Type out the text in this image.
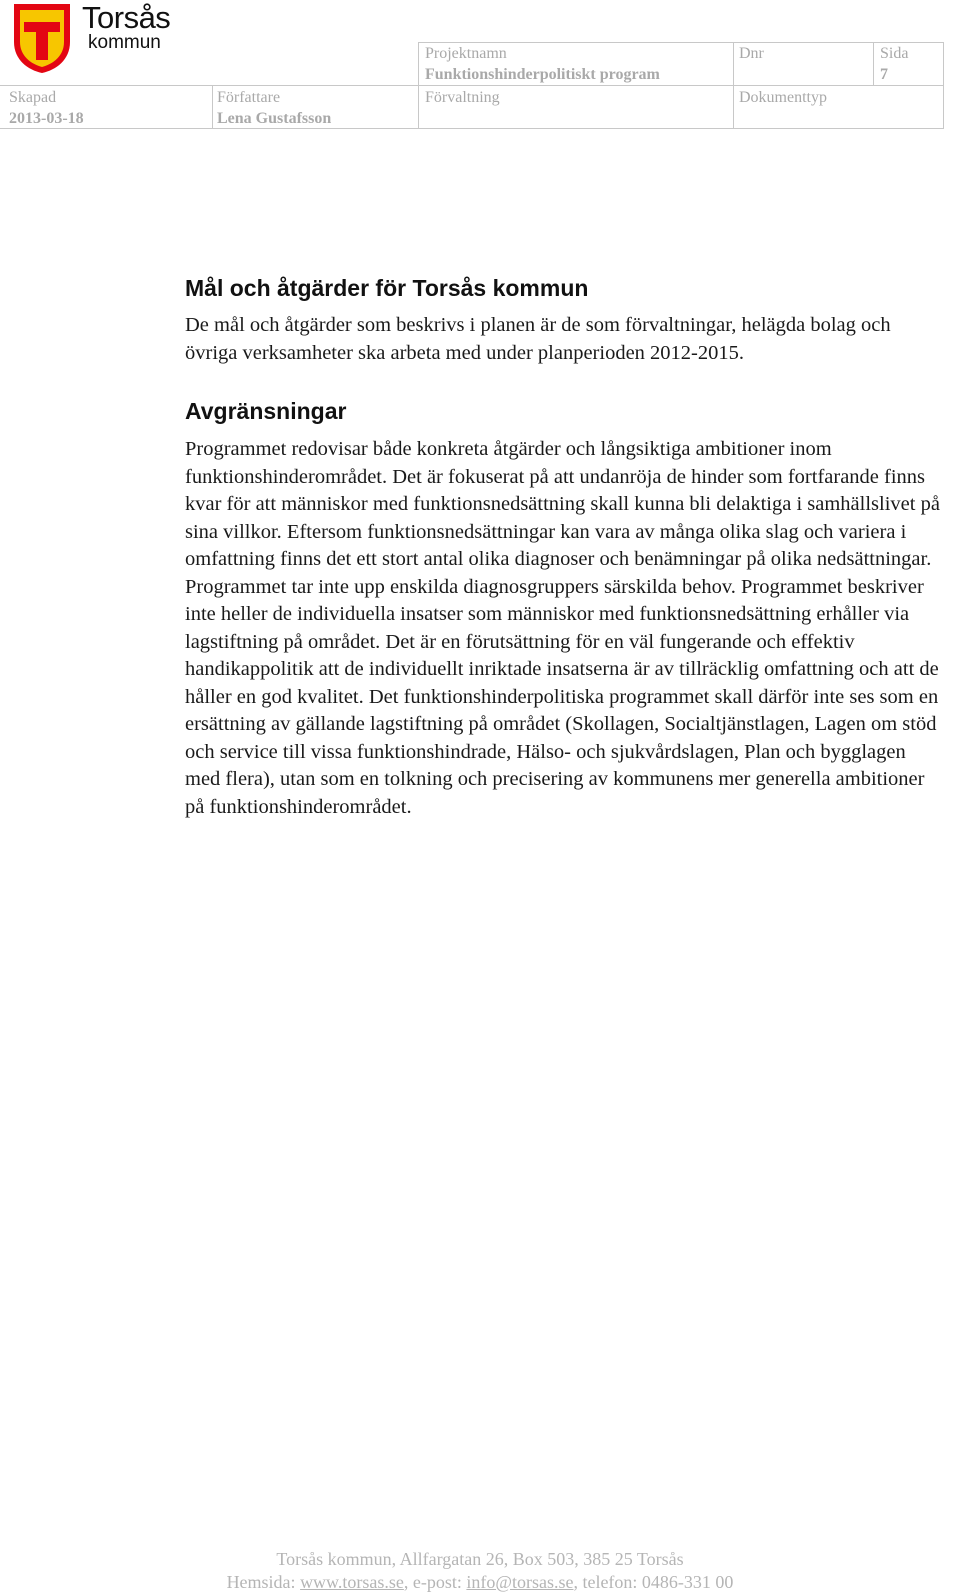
Torsås
kommun
Projektnamn
Funktionshinderpolitiskt program
Dnr	Sida
7
Skapad
2013-03-18
Författare
Lena Gustafsson
Förvaltning	Dokumenttyp
Mål och åtgärder för Torsås kommun

De mål och åtgärder som beskrivs i planen är de som förvaltningar, helägda bolag och övriga verksamheter ska arbeta med under planperioden 2012-2015.

Avgränsningar

Programmet redovisar både konkreta åtgärder och långsiktiga ambitioner inom funktionshinderområdet. Det är fokuserat på att undanröja de hinder som fortfarande finns kvar för att människor med funktionsnedsättning skall kunna bli delaktiga i samhällslivet på sina villkor. Eftersom funktionsnedsättningar kan vara av många olika slag och variera i omfattning finns det ett stort antal olika diagnoser och benämningar på olika nedsättningar. Programmet tar inte upp enskilda diagnosgruppers särskilda behov. Programmet beskriver inte heller de individuella insatser som människor med funktionsnedsättning erhåller via lagstiftning på området. Det är en förutsättning för en väl fungerande och effektiv handikappolitik att de individuellt inriktade insatserna är av tillräcklig omfattning och att de håller en god kvalitet. Det funktionshinderpolitiska programmet skall därför inte ses som en ersättning av gällande lagstiftning på området (Skollagen, Socialtjänstlagen, Lagen om stöd och service till vissa funktionshindrade, Hälso- och sjukvårdslagen, Plan och bygglagen med flera), utan som en tolkning och precisering av kommunens mer generella ambitioner på funktionshinderområdet.

Torsås kommun, Allfargatan 26, Box 503, 385 25 Torsås
Hemsida: www.torsas.se, e-post: info@torsas.se, telefon: 0486-331 00
